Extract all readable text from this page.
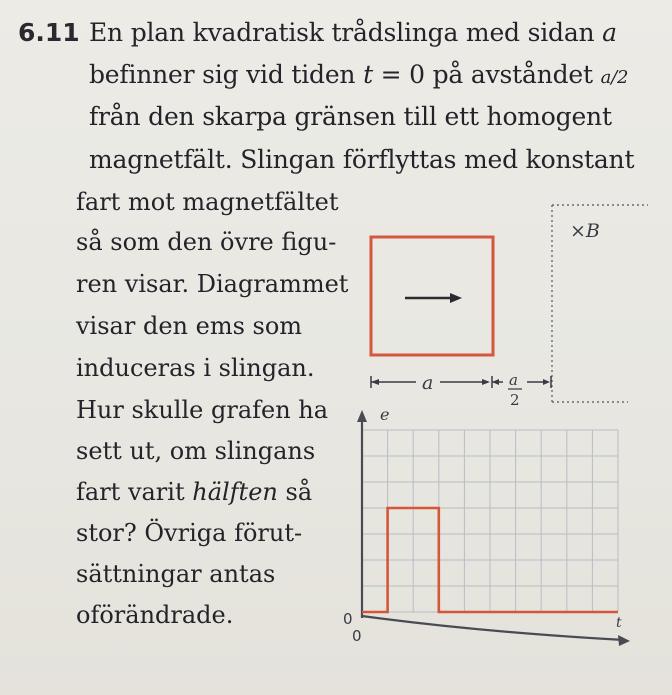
6.11 En plan kvadratisk trådslinga med sidan a
befinner sig vid tiden t = 0 på avståndet a/2
från den skarpa gränsen till ett homogent
magnetfält. Slingan förflyttas med konstant
fart mot magnetfältet
så som den övre figu-
ren visar. Diagrammet
visar den ems som
induceras i slingan.
Hur skulle grafen ha
sett ut, om slingans
fart varit hälften så
stor? Övriga förut-
sättningar antas
oförändrade.
×B
a	a
2
e
t
0
0
